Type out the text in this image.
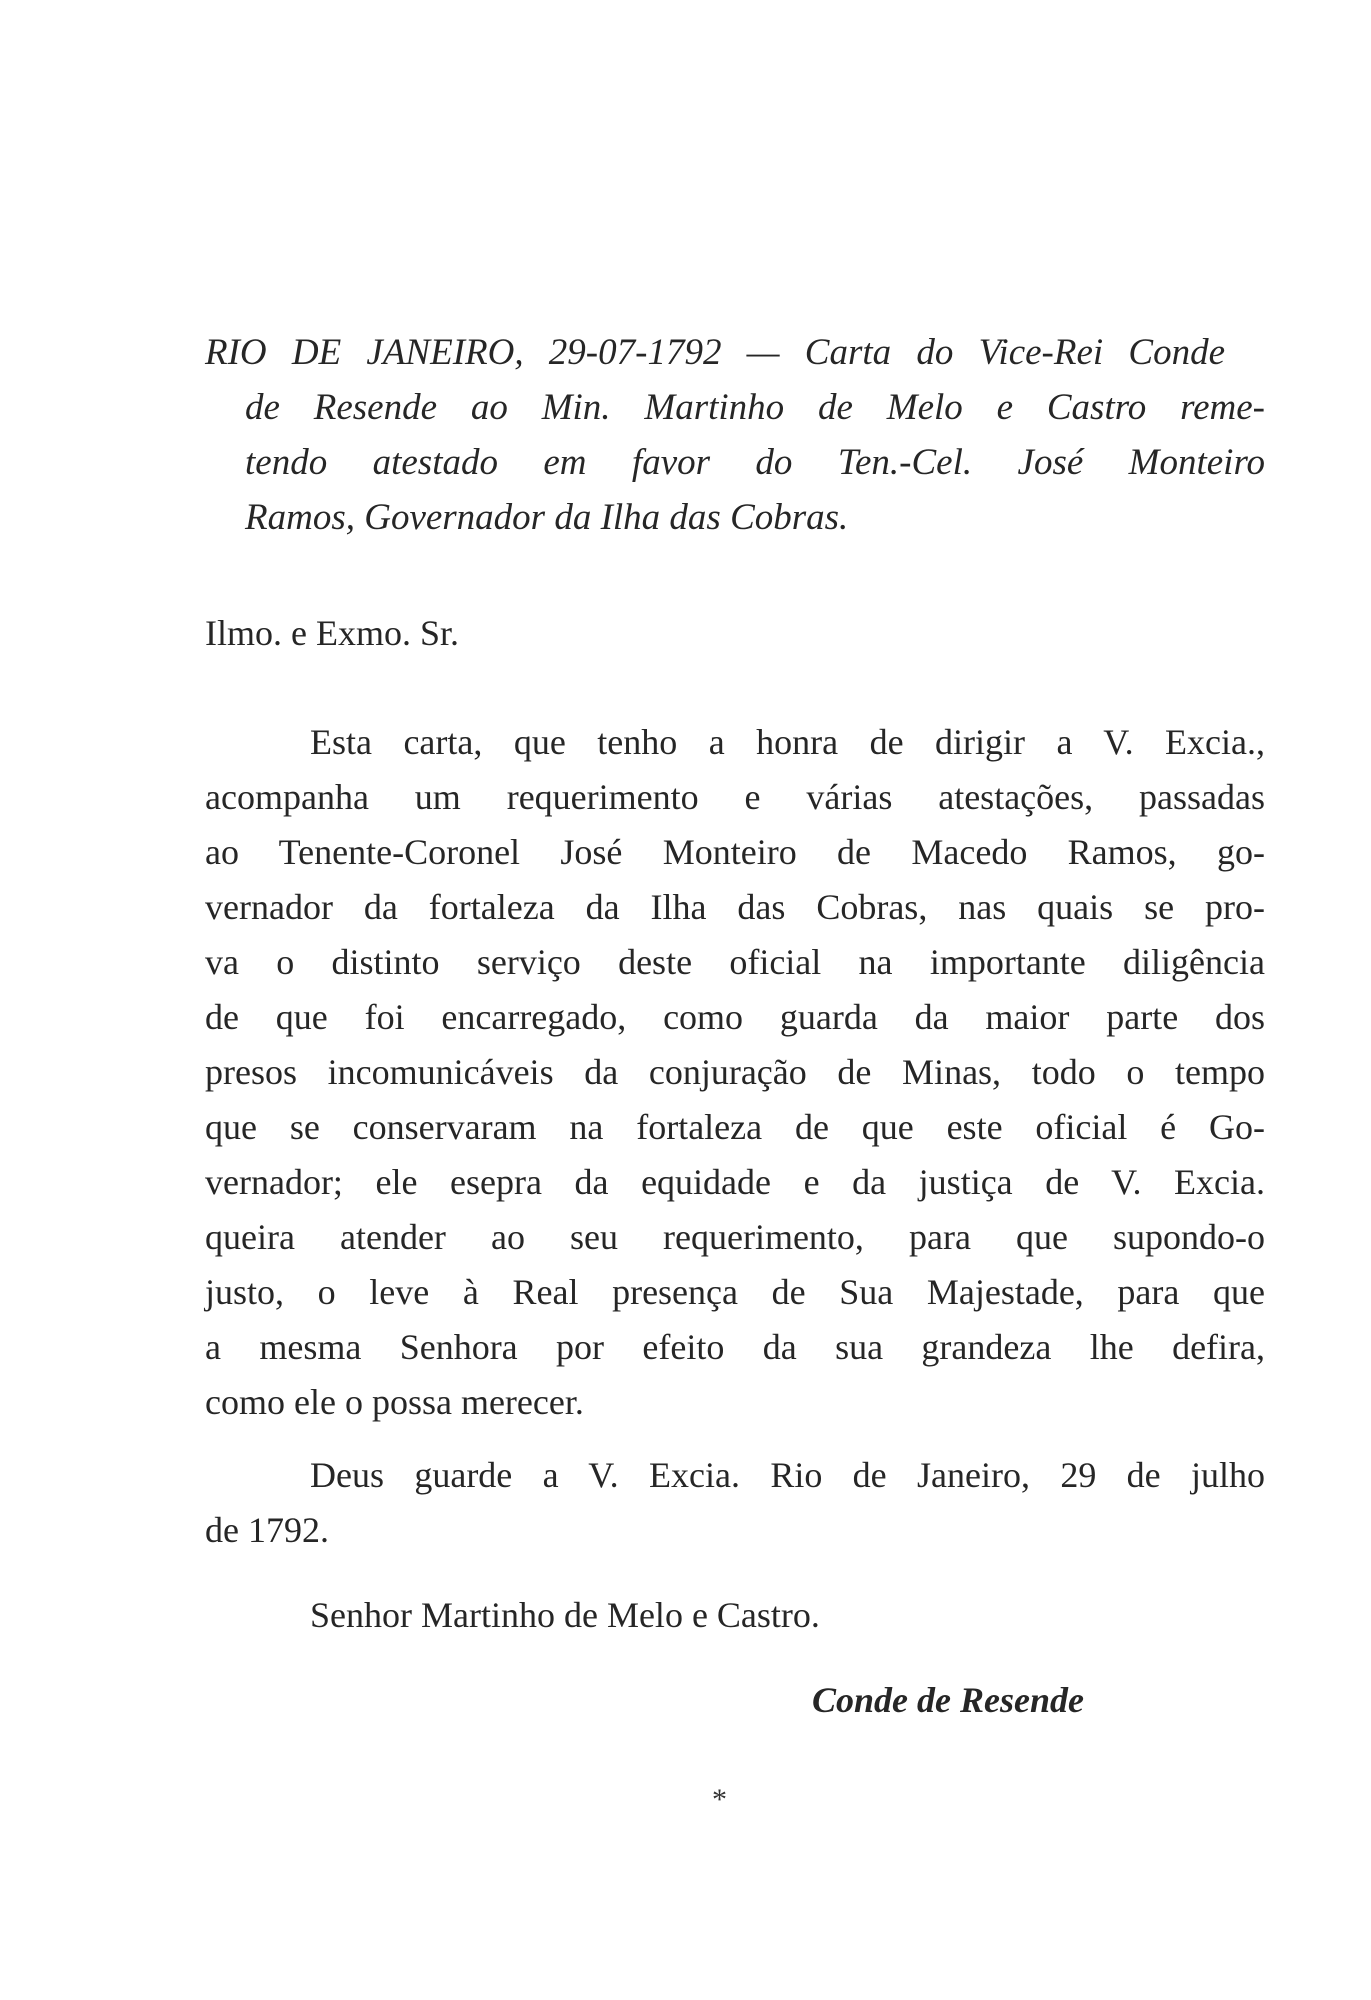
RIO DE JANEIRO, 29-07-1792 — Carta do Vice-Rei Conde
de Resende ao Min. Martinho de Melo e Castro reme-
tendo atestado em favor do Ten.-Cel. José Monteiro
Ramos, Governador da Ilha das Cobras.
Ilmo. e Exmo. Sr.
Esta carta, que tenho a honra de dirigir a V. Excia.,
acompanha um requerimento e várias atestações, passadas
ao Tenente-Coronel José Monteiro de Macedo Ramos, go-
vernador da fortaleza da Ilha das Cobras, nas quais se pro-
va o distinto serviço deste oficial na importante diligência
de que foi encarregado, como guarda da maior parte dos
presos incomunicáveis da conjuração de Minas, todo o tempo
que se conservaram na fortaleza de que este oficial é Go-
vernador; ele esepra da equidade e da justiça de V. Excia.
queira atender ao seu requerimento, para que supondo-o
justo, o leve à Real presença de Sua Majestade, para que
a mesma Senhora por efeito da sua grandeza lhe defira,
como ele o possa merecer.
Deus guarde a V. Excia. Rio de Janeiro, 29 de julho
de 1792.
Senhor Martinho de Melo e Castro.
Conde de Resende
*
